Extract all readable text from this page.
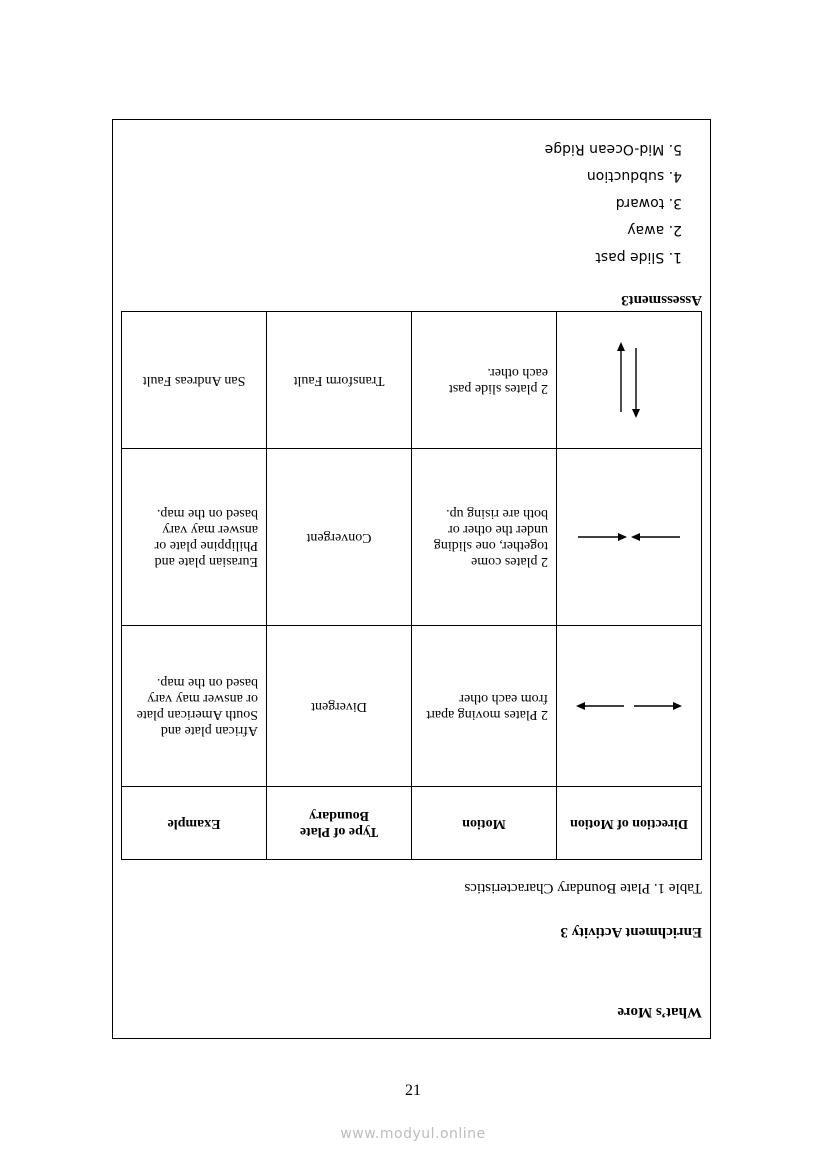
What’s More
Enrichment Activity 3
Table 1. Plate Boundary Characteristics
Direction of Motion	Motion	Type of Plate Boundary	Example

	2 Plates moving apart from each other	Divergent	African plate and South American plate or answer may vary based on the map.

	2 plates come together, one sliding under the other or both are rising up.	Convergent	Eurasian plate and Philippine plate or answer may vary based on the map.

	2 plates slide past each other.	Transform Fault	San Andreas Fault
Assessment3
1. Slide past
2. away
3. toward
4. subduction
5. Mid-Ocean Ridge
21
www.modyul.online
